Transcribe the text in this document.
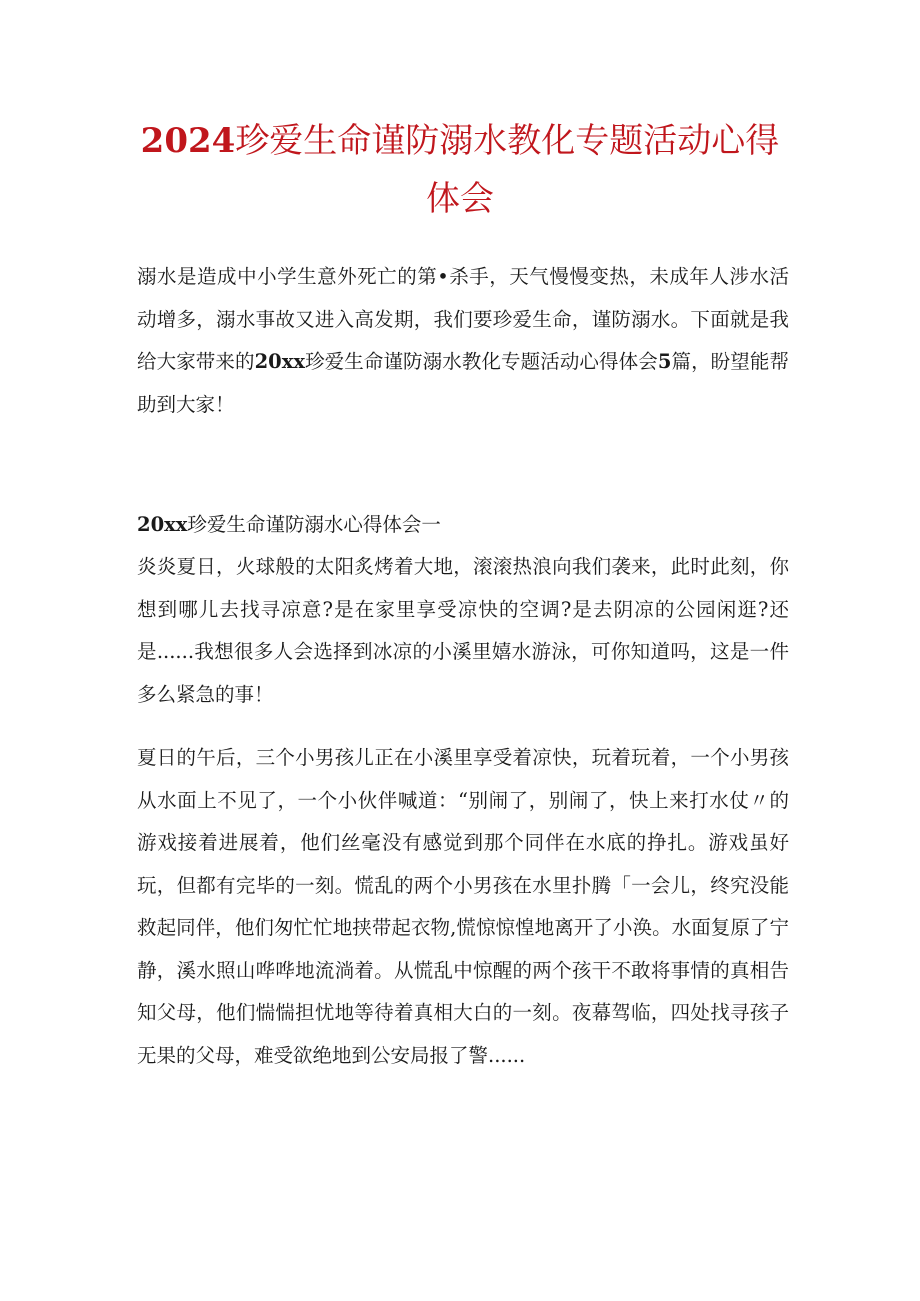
2024珍爱生命谨防溺水教化专题活动心得体会

溺水是造成中小学生意外死亡的第•杀手，天气慢慢变热，未成年人涉水活动增多，溺水事故又进入高发期，我们要珍爱生命，谨防溺水。下面就是我给大家带来的20xx珍爱生命谨防溺水教化专题活动心得体会5篇，盼望能帮助到大家！

20xx珍爱生命谨防溺水心得体会一

炎炎夏日，火球般的太阳炙烤着大地，滚滚热浪向我们袭来，此时此刻，你想到哪儿去找寻凉意?是在家里享受凉快的空调?是去阴凉的公园闲逛?还是......我想很多人会选择到冰凉的小溪里嬉水游泳，可你知道吗，这是一件多么紧急的事！

夏日的午后，三个小男孩儿正在小溪里享受着凉快，玩着玩着，一个小男孩从水面上不见了，一个小伙伴喊道：“别闹了，别闹了，快上来打水仗〃的游戏接着进展着，他们丝毫没有感觉到那个同伴在水底的挣扎。游戏虽好玩，但都有完毕的一刻。慌乱的两个小男孩在水里扑腾「一会儿，终究没能救起同伴，他们匆忙忙地挟带起衣物,慌惊惊惶地离开了小涣。水面复原了宁静，溪水照山哗哗地流淌着。从慌乱中惊醒的两个孩干不敢将事情的真相告知父母，他们惴惴担忧地等待着真相大白的一刻。夜幕驾临，四处找寻孩子无果的父母，难受欲绝地到公安局报了警......
